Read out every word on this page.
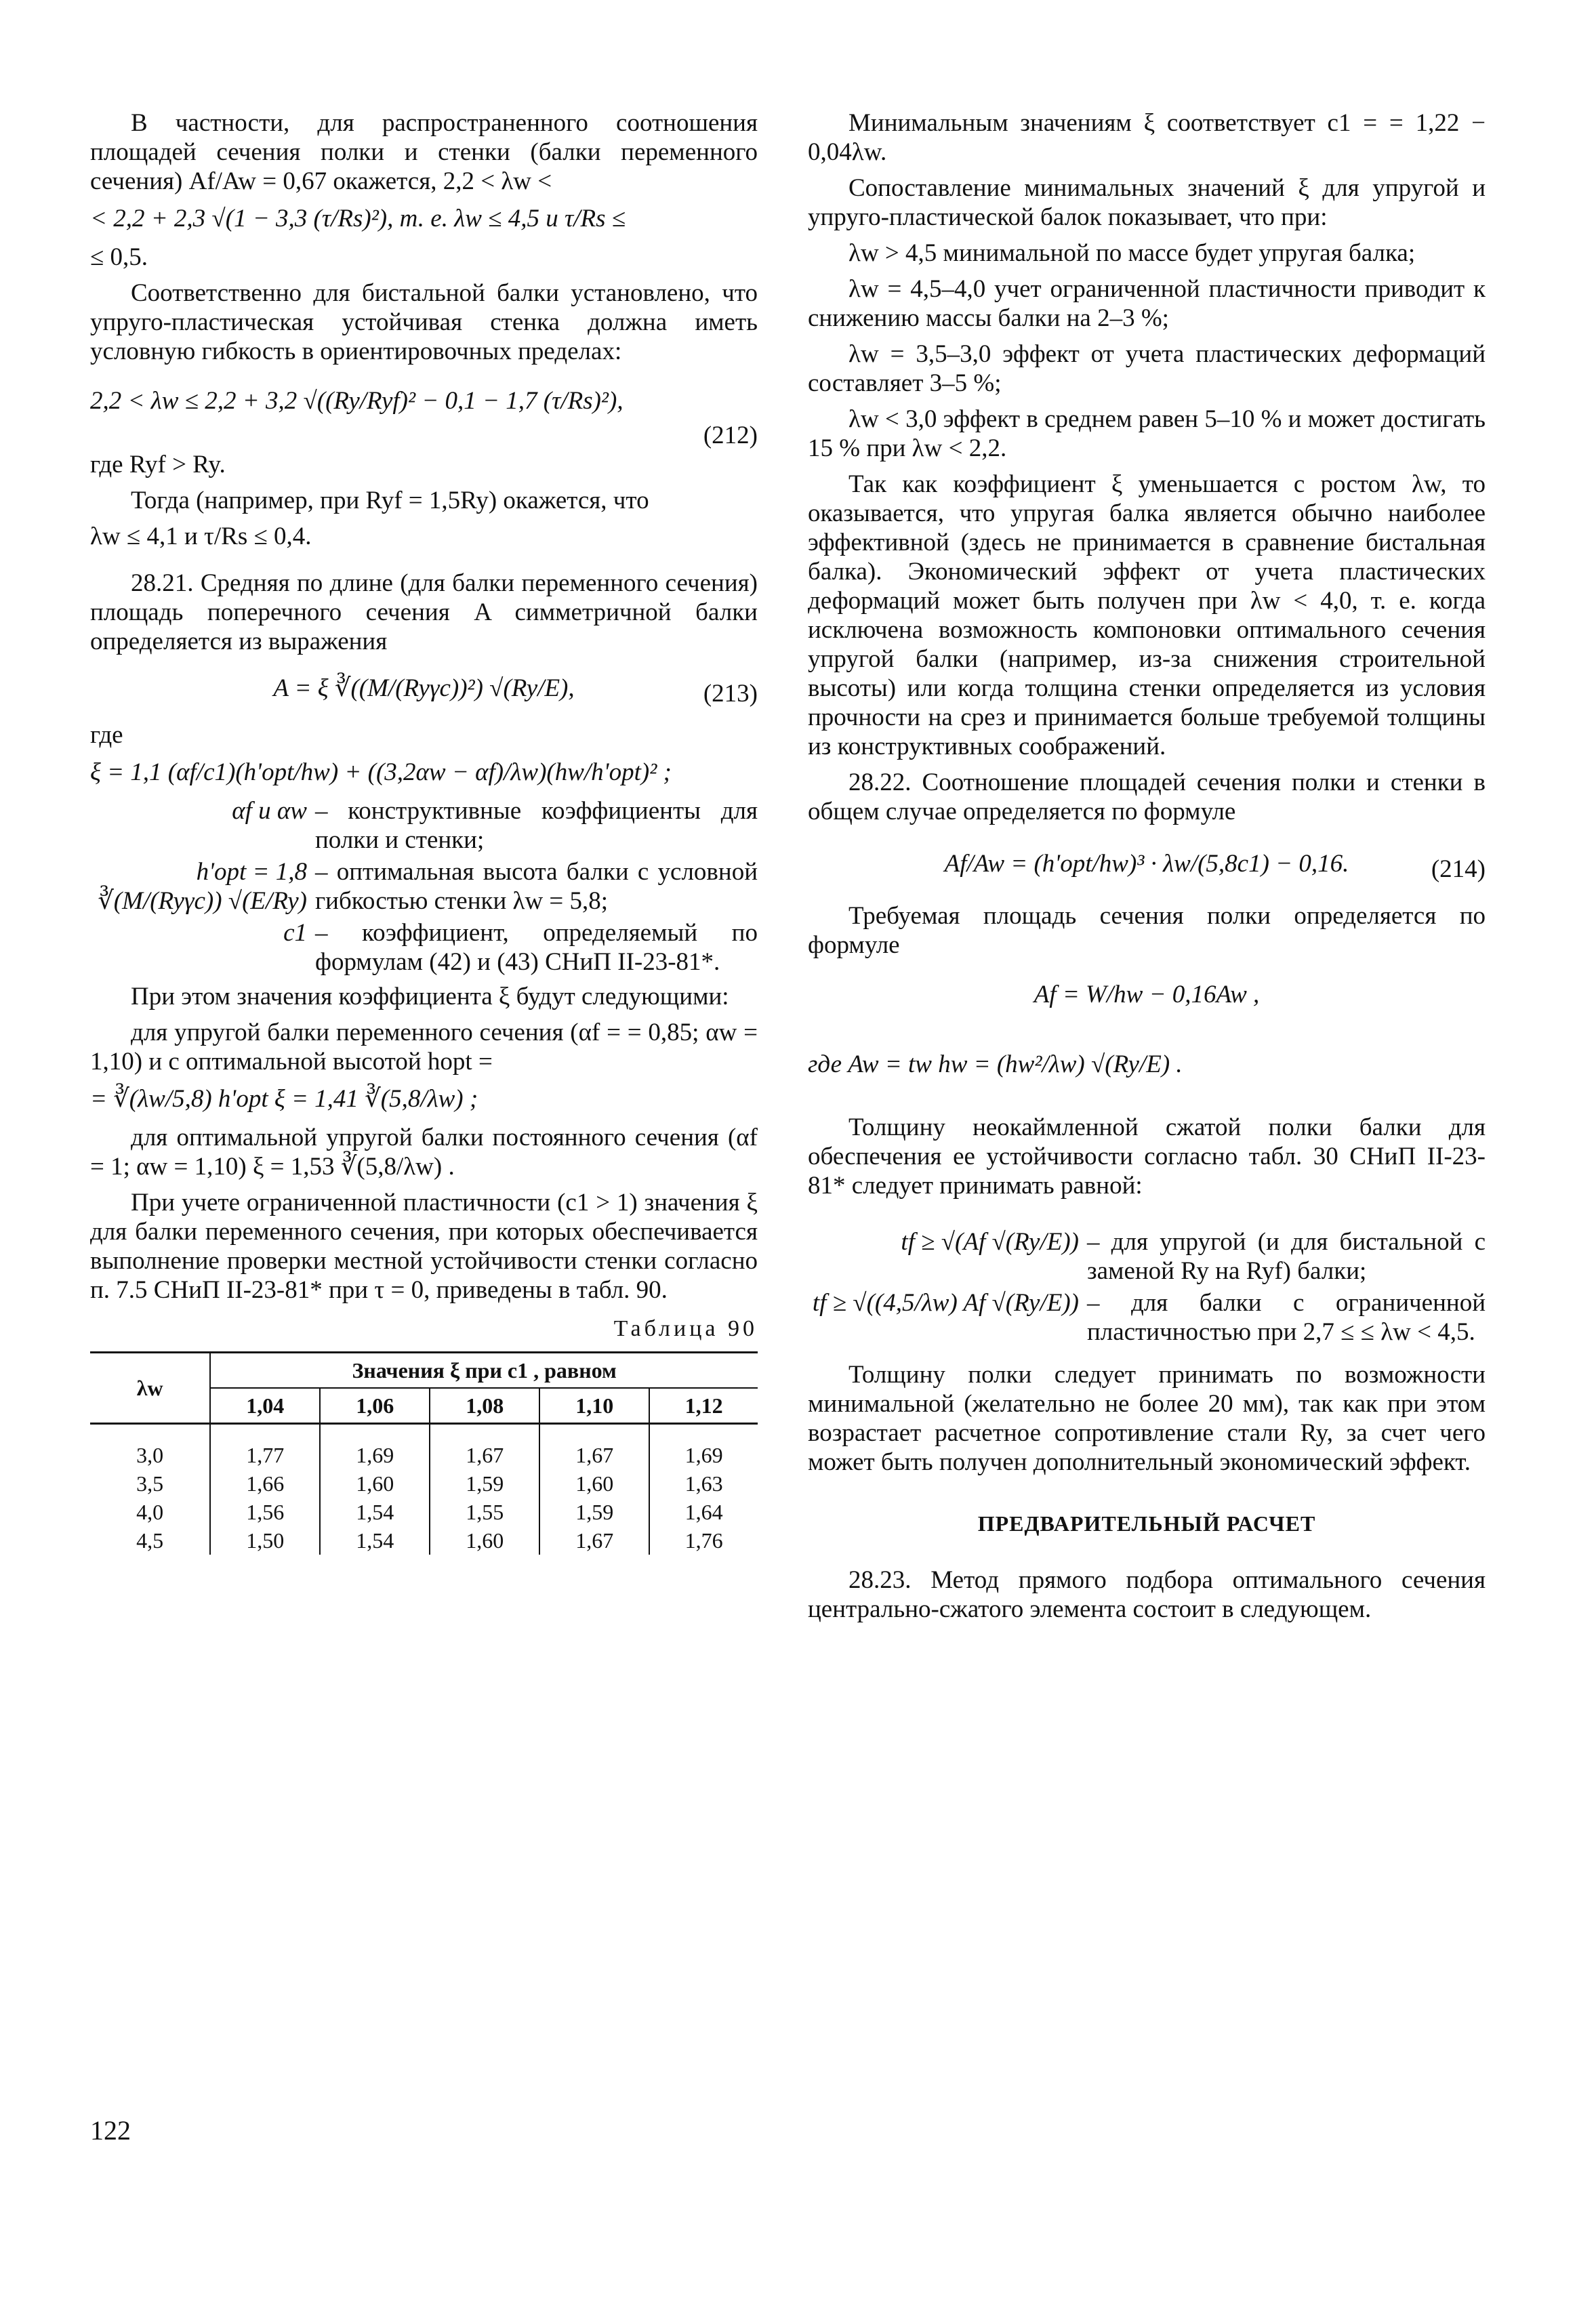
В частности, для распространенного соотношения площадей сечения полки и стенки (балки переменного сечения) Af/Aw = 0,67 окажется, 2,2 < λw <

< 2,2 + 2,3 √(1 − 3,3 (τ/Rs)²), т. е. λw ≤ 4,5 и τ/Rs ≤

≤ 0,5.

Соответственно для бистальной балки установлено, что упруго-пластическая устойчивая стенка должна иметь условную гибкость в ориентировочных пределах:

2,2 < λw ≤ 2,2 + 3,2 √((Ry/Ryf)² − 0,1 − 1,7 (τ/Rs)²),
(212)

где Ryf > Ry.

Тогда (например, при Ryf = 1,5Ry) окажется, что

λw ≤ 4,1 и τ/Rs ≤ 0,4.

28.21. Средняя по длине (для балки переменного сечения) площадь поперечного сечения A симметричной балки определяется из выражения

A = ξ ∛((M/(Ryγc))²) √(Ry/E),	(213)

где

ξ = 1,1 (αf/c1)(h'opt/hw) + ((3,2αw − αf)/λw)(hw/h'opt)² ;
αf и αw – конструктивные коэффициенты для полки и стенки;
h'opt = 1,8 ∛(M/(Ryγc)) √(E/Ry)
– оптимальная высота балки с условной гибкостью стенки λw = 5,8;
c1 – коэффициент, определяемый по формулам (42) и (43) СНиП II-23-81*.

При этом значения коэффициента ξ будут следующими:

для упругой балки переменного сечения (αf = = 0,85; αw = 1,10) и с оптимальной высотой hopt =

= ∛(λw/5,8) h'opt ξ = 1,41 ∛(5,8/λw) ;

для оптимальной упругой балки постоянного сечения (αf = 1; αw = 1,10) ξ = 1,53 ∛(5,8/λw) .

При учете ограниченной пластичности (c1 > 1) значения ξ для балки переменного сечения, при которых обеспечивается выполнение проверки местной устойчивости стенки согласно п. 7.5 СНиП II-23-81* при τ = 0, приведены в табл. 90.

Таблица 90
λw	Значения ξ при c1 , равном				
	1,04	1,06	1,08	1,10	1,12
3,0	1,77	1,69	1,67	1,67	1,69
3,5	1,66	1,60	1,59	1,60	1,63
4,0	1,56	1,54	1,55	1,59	1,64
4,5	1,50	1,54	1,60	1,67	1,76

Минимальным значениям ξ соответствует c1 = = 1,22 − 0,04λw.

Сопоставление минимальных значений ξ для упругой и упруго-пластической балок показывает, что при:

λw > 4,5 минимальной по массе будет упругая балка;

λw = 4,5–4,0 учет ограниченной пластичности приводит к снижению массы балки на 2–3 %;

λw = 3,5–3,0 эффект от учета пластических деформаций составляет 3–5 %;

λw < 3,0 эффект в среднем равен 5–10 % и может достигать 15 % при λw < 2,2.

Так как коэффициент ξ уменьшается с ростом λw, то оказывается, что упругая балка является обычно наиболее эффективной (здесь не принимается в сравнение бистальная балка). Экономический эффект от учета пластических деформаций может быть получен при λw < 4,0, т. е. когда исключена возможность компоновки оптимального сечения упругой балки (например, из-за снижения строительной высоты) или когда толщина стенки определяется из условия прочности на срез и принимается больше требуемой толщины из конструктивных соображений.

28.22. Соотношение площадей сечения полки и стенки в общем случае определяется по формуле

Af/Aw = (h'opt/hw)³ · λw/(5,8c1) − 0,16.	(214)

Требуемая площадь сечения полки определяется по формуле

Af = W/hw − 0,16Aw ,
где Aw = tw hw = (hw²/λw) √(Ry/E) .

Толщину неокаймленной сжатой полки балки для обеспечения ее устойчивости согласно табл. 30 СНиП II-23-81* следует принимать равной:

tf ≥ √(Af √(Ry/E)) – для упругой (и для бистальной с заменой Ry на Ryf) балки;
tf ≥ √((4,5/λw) Af √(Ry/E)) – для балки с ограниченной пластичностью при 2,7 ≤ ≤ λw < 4,5.

Толщину полки следует принимать по возможности минимальной (желательно не более 20 мм), так как при этом возрастает расчетное сопротивление стали Ry, за счет чего может быть получен дополнительный экономический эффект.

ПРЕДВАРИТЕЛЬНЫЙ РАСЧЕТ

28.23. Метод прямого подбора оптимального сечения центрально-сжатого элемента состоит в следующем.

122
